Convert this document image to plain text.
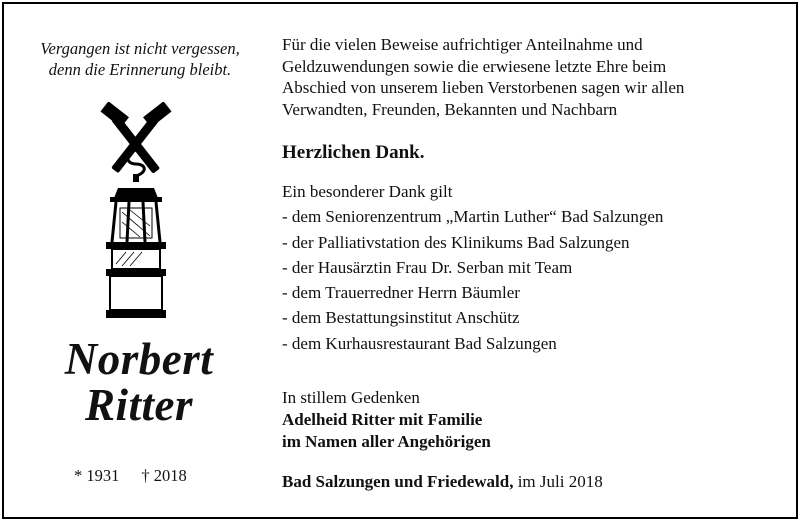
Vergangen ist nicht vergessen,
denn die Erinnerung bleibt.
Norbert
Ritter
* 1931 † 2018
Für die vielen Beweise aufrichtiger Anteilnahme und
Geldzuwendungen sowie die erwiesene letzte Ehre beim
Abschied von unserem lieben Verstorbenen sagen wir allen
Verwandten, Freunden, Bekannten und Nachbarn
Herzlichen Dank.
Ein besonderer Dank gilt
- dem Seniorenzentrum „Martin Luther“ Bad Salzungen
- der Palliativstation des Klinikums Bad Salzungen
- der Hausärztin Frau Dr. Serban mit Team
- dem Trauerredner Herrn Bäumler
- dem Bestattungsinstitut Anschütz
- dem Kurhausrestaurant Bad Salzungen
In stillem Gedenken
Adelheid Ritter mit Familie
im Namen aller Angehörigen
Bad Salzungen und Friedewald, im Juli 2018
